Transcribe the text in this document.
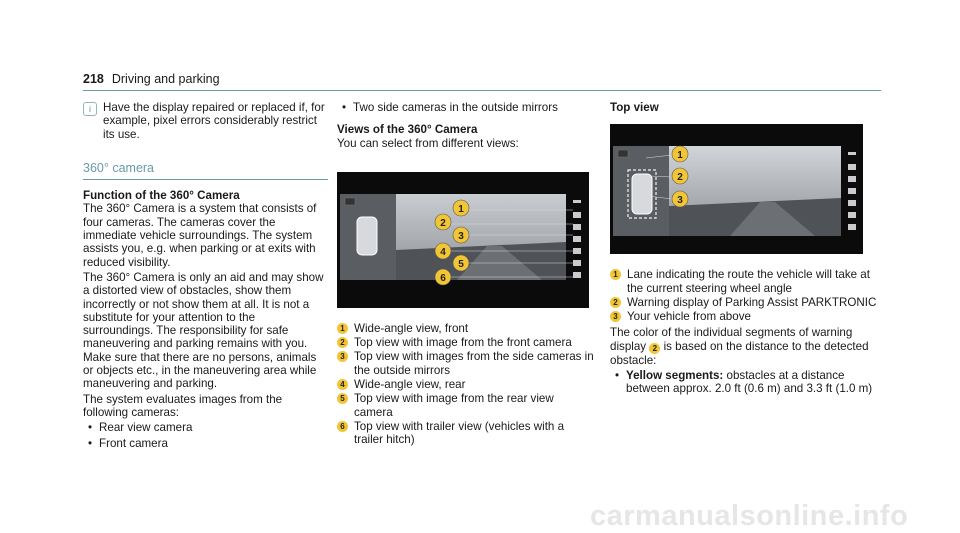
218 Driving and parking
i	Have the display repaired or replaced if, for example, pixel errors considerably restrict its use.

360° camera
Function of the 360° Camera

The 360° Camera is a system that consists of four cameras. The cameras cover the immediate vehicle surroundings. The system assists you, e.g. when parking or at exits with reduced visibility.

The 360° Camera is only an aid and may show a distorted view of obstacles, show them incorrectly or not show them at all. It is not a substitute for your attention to the surroundings. The responsibility for safe maneuvering and parking remains with you. Make sure that there are no persons, animals or objects etc., in the maneuvering area while maneuvering and parking.

The system evaluates images from the following cameras:

• Rear view camera
• Front camera
• Two side cameras in the outside mirrors
Views of the 360° Camera

You can select from different views:

1
2
3
4
5
6
1 Wide-angle view, front
2 Top view with image from the front camera
3 Top view with images from the side cameras in the outside mirrors
4 Wide-angle view, rear
5 Top view with image from the rear view camera
6 Top view with trailer view (vehicles with a trailer hitch)
Top view
1
2
3
1 Lane indicating the route the vehicle will take at the current steering wheel angle
2 Warning display of Parking Assist PARKTRONIC
3 Your vehicle from above

The color of the individual segments of warning display 2 is based on the distance to the detected obstacle:

• Yellow segments: obstacles at a distance between approx. 2.0 ft (0.6 m) and 3.3 ft (1.0 m)
carmanualsonline.info
